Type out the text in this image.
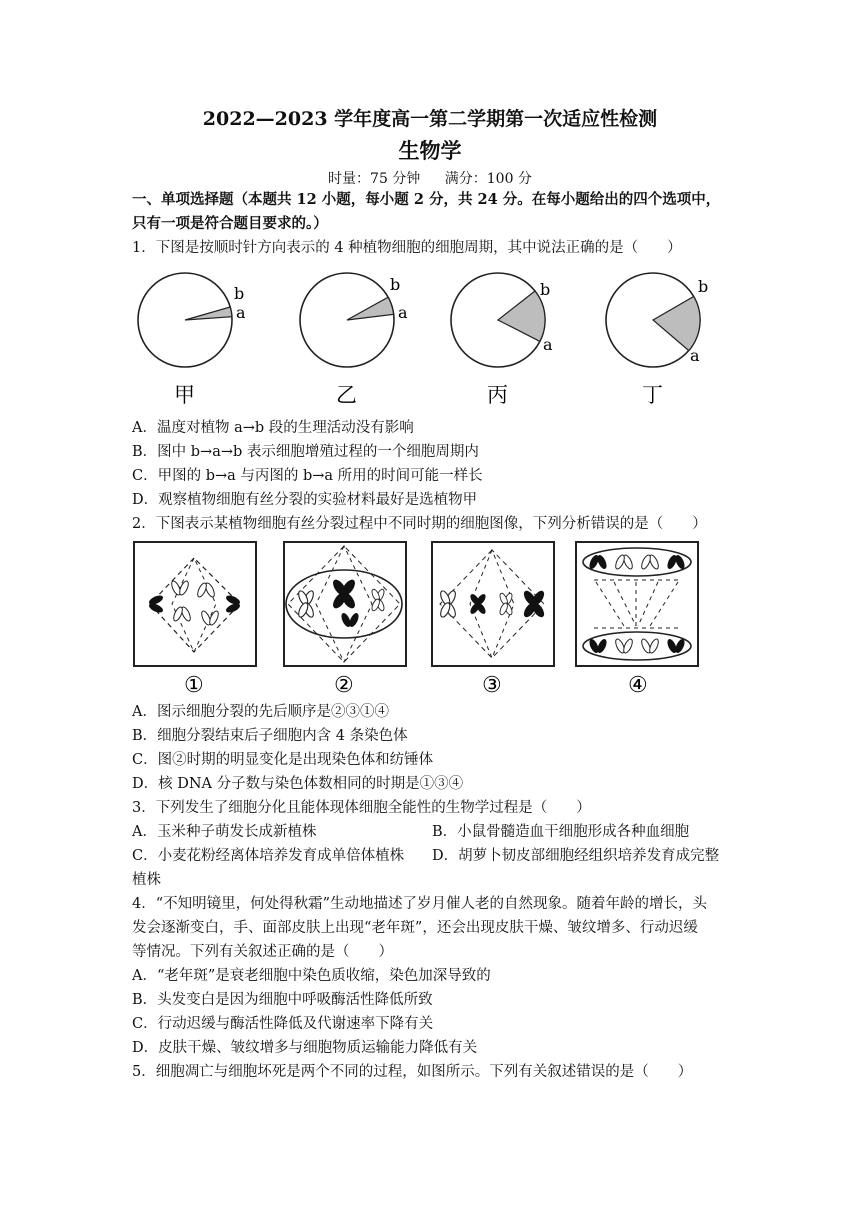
2022—2023 学年度高一第二学期第一次适应性检测
生物学
时量：75 分钟 满分：100 分
一、单项选择题（本题共 12 小题，每小题 2 分，共 24 分。在每小题给出的四个选项中，
只有一项是符合题目要求的。）
1．下图是按顺时针方向表示的 4 种植物细胞的细胞周期，其中说法正确的是（　　）
b
a
甲
b
a
乙
b
a
丙
b
a
丁
A．温度对植物 a→b 段的生理活动没有影响
B．图中 b→a→b 表示细胞增殖过程的一个细胞周期内
C．甲图的 b→a 与丙图的 b→a 所用的时间可能一样长
D．观察植物细胞有丝分裂的实验材料最好是选植物甲
2．下图表示某植物细胞有丝分裂过程中不同时期的细胞图像，下列分析错误的是（　　）
①	②	③	④
A．图示细胞分裂的先后顺序是②③①④
B．细胞分裂结束后子细胞内含 4 条染色体
C．图②时期的明显变化是出现染色体和纺锤体
D．核 DNA 分子数与染色体数相同的时期是①③④
3．下列发生了细胞分化且能体现体细胞全能性的生物学过程是（　　）
A．玉米种子萌发长成新植株	B．小鼠骨髓造血干细胞形成各种血细胞
C．小麦花粉经离体培养发育成单倍体植株 D．胡萝卜韧皮部细胞经组织培养发育成完整
植株
4．“不知明镜里，何处得秋霜”生动地描述了岁月催人老的自然现象。随着年龄的增长，头
发会逐渐变白，手、面部皮肤上出现“老年斑”，还会出现皮肤干燥、皱纹增多、行动迟缓
等情况。下列有关叙述正确的是（　　）
A．“老年斑”是衰老细胞中染色质收缩，染色加深导致的
B．头发变白是因为细胞中呼吸酶活性降低所致
C．行动迟缓与酶活性降低及代谢速率下降有关
D．皮肤干燥、皱纹增多与细胞物质运输能力降低有关
5．细胞凋亡与细胞坏死是两个不同的过程，如图所示。下列有关叙述错误的是（　　）
